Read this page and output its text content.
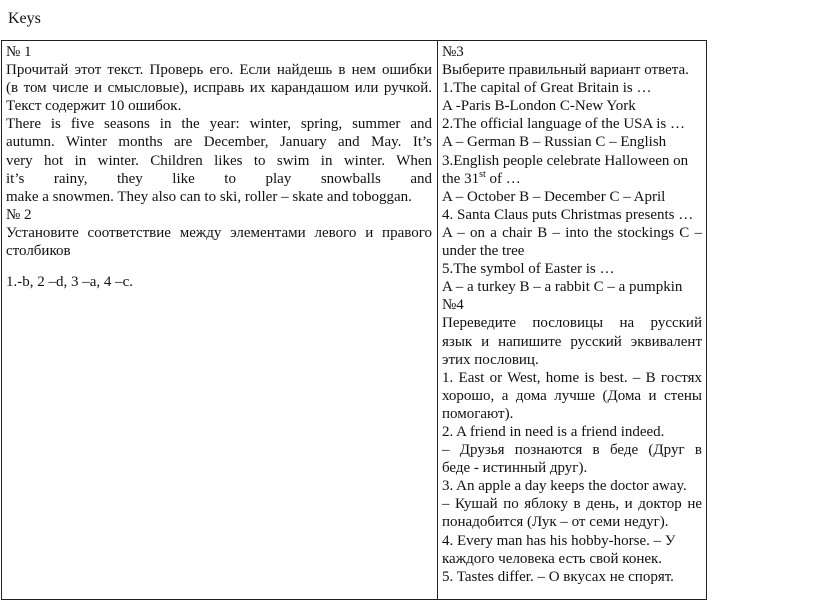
Keys
№ 1
Прочитай этот текст. Проверь его. Если найдешь в нем ошибки
(в том числе и смысловые), исправь их карандашом или ручкой.
Текст содержит 10 ошибок.
There is five seasons in the year: winter, spring, summer and
autumn. Winter months are December, January and May. It’s
very hot in winter. Children likes to swim in winter. When
it’s rainy, they like to play snowballs and
make a snowmen. They also can to ski, roller – skate and toboggan.
№ 2
Установите соответствие между элементами левого и правого
столбиков
1.-b, 2 –d, 3 –a, 4 –c.
№3
Выберите правильный вариант ответа.
1.The capital of Great Britain is …
A -Paris B-London C-New York
2.The official language of the USA is …
A – German B – Russian C – English
3.English people celebrate Halloween on
the 31st of …
A – October B – December C – April
4. Santa Claus puts Christmas presents …
A – on a chair B – into the stockings C –
under the tree
5.The symbol of Easter is …
A – a turkey B – a rabbit C – a pumpkin
№4
Переведите пословицы на русский
язык и напишите русский эквивалент
этих пословиц.
1. East or West, home is best. – В гостях
хорошо, а дома лучше (Дома и стены
помогают).
2. A friend in need is a friend indeed.
– Друзья познаются в беде (Друг в
беде - истинный друг).
3. An apple a day keeps the doctor away.
– Кушай по яблоку в день, и доктор не
понадобится (Лук – от семи недуг).
4. Every man has his hobby-horse. – У
каждого человека есть свой конек.
5. Tastes differ. – О вкусах не спорят.
